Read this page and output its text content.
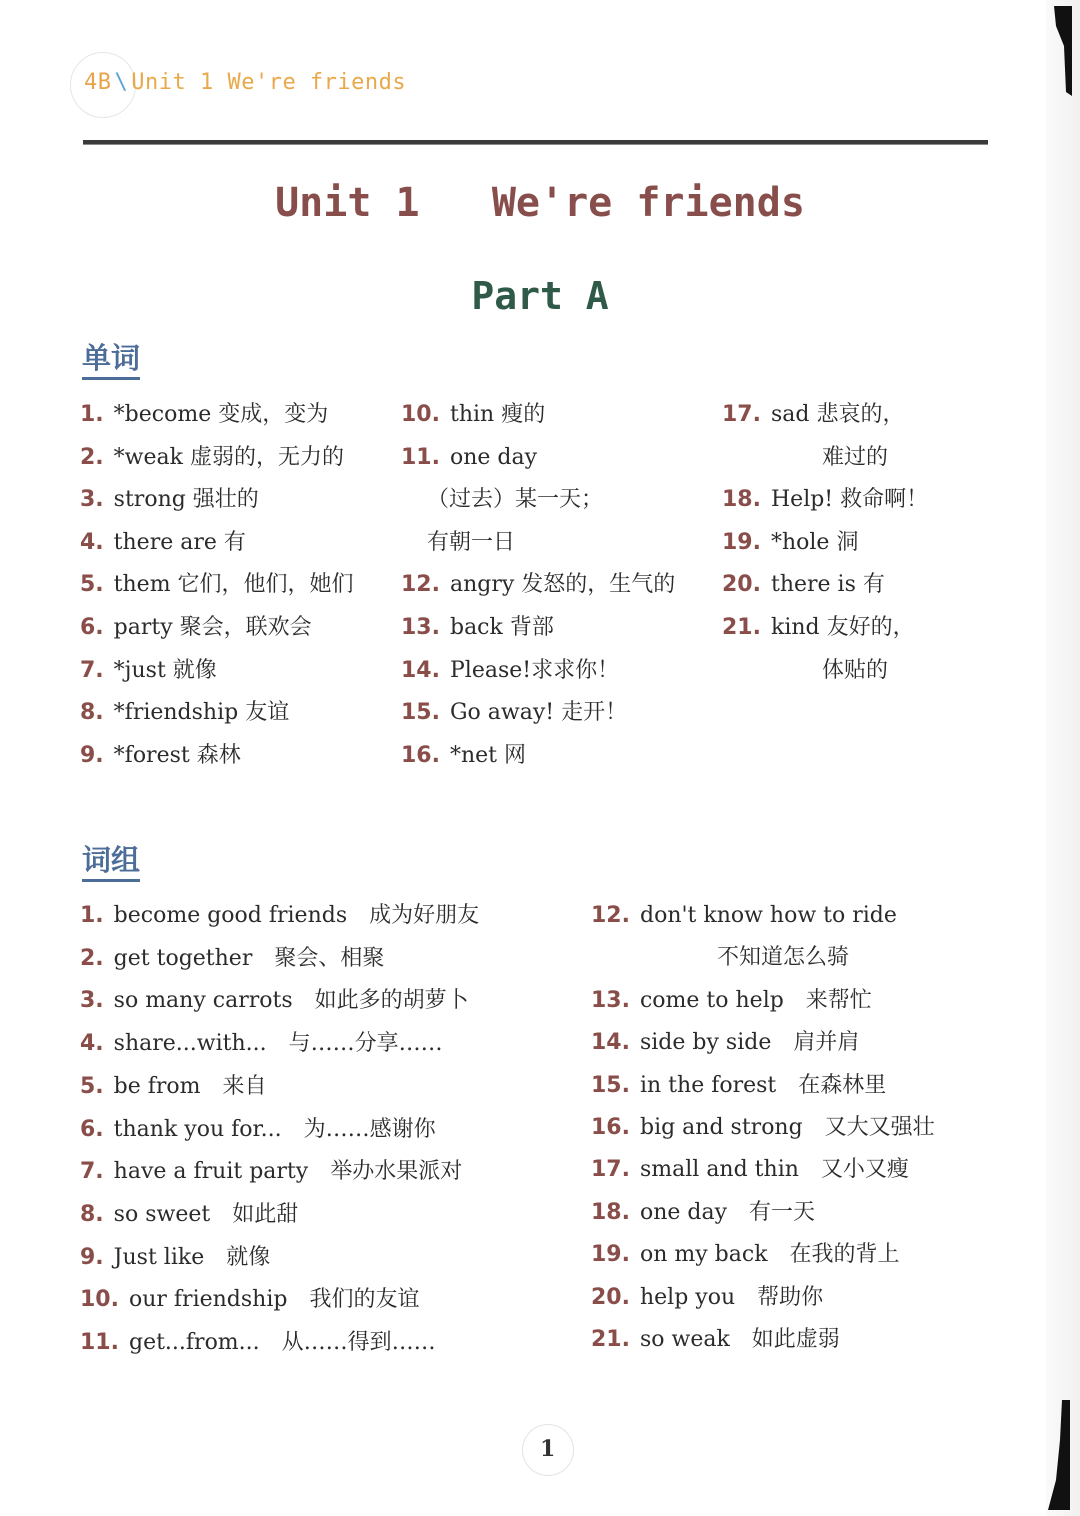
4B \ Unit 1 We're friends
Unit 1   We're friends
Part A
单词
1. *become 变成，变为
2. *weak 虚弱的，无力的
3. strong 强壮的
4. there are 有
5. them 它们，他们，她们
6. party 聚会，联欢会
7. *just 就像
8. *friendship 友谊
9. *forest 森林
10. thin 瘦的
11. one day
（过去）某一天；
有朝一日
12. angry 发怒的，生气的
13. back 背部
14. Please!求求你！
15. Go away! 走开！
16. *net 网
17. sad 悲哀的，
难过的
18. Help! 救命啊！
19. *hole 洞
20. there is 有
21. kind 友好的，
体贴的
词组
1. become good friends　成为好朋友
2. get together　聚会、相聚
3. so many carrots　如此多的胡萝卜
4. share...with...　与……分享……
5. be from　来自
6. thank you for...　为……感谢你
7. have a fruit party　举办水果派对
8. so sweet　如此甜
9. Just like　就像
10. our friendship　我们的友谊
11. get...from...　从……得到……
12. don't know how to ride
不知道怎么骑
13. come to help　来帮忙
14. side by side　肩并肩
15. in the forest　在森林里
16. big and strong　又大又强壮
17. small and thin　又小又瘦
18. one day　有一天
19. on my back　在我的背上
20. help you　帮助你
21. so weak　如此虚弱
1
